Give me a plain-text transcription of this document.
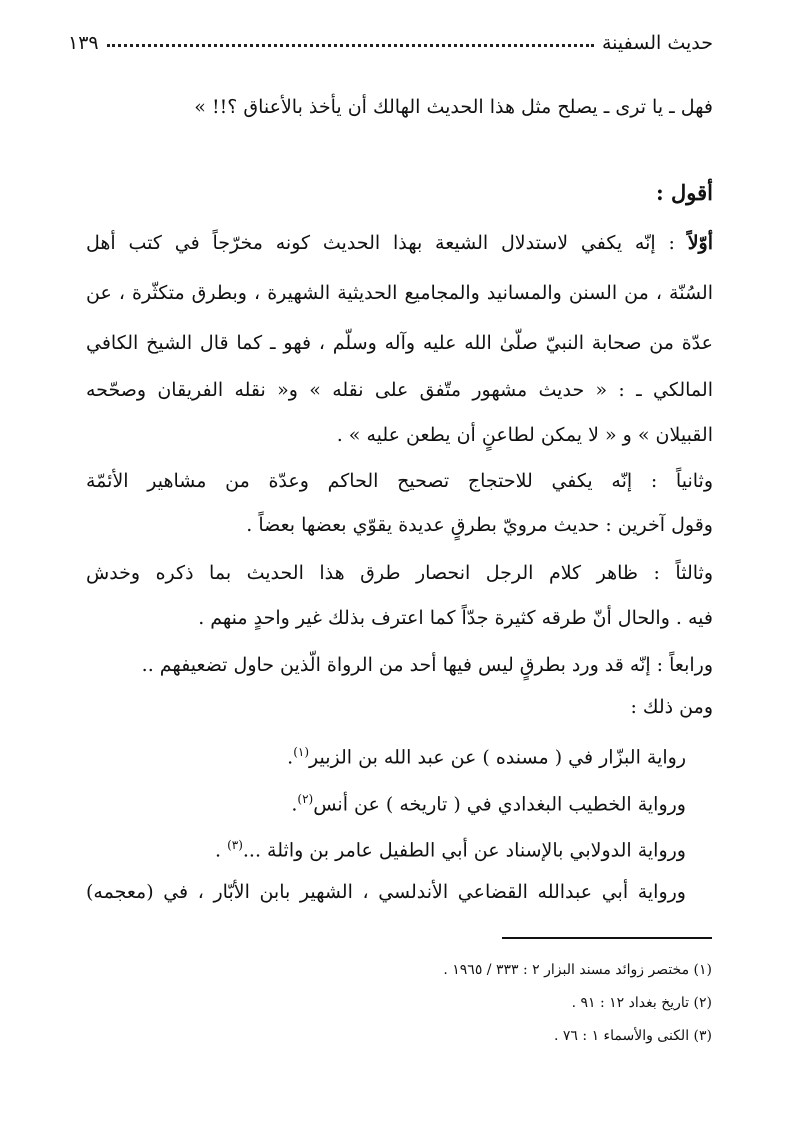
حديث السفينة
١٣٩
فهل ـ يا ترى ـ يصلح مثل هذا الحديث الهالك أن يأخذ بالأعناق ؟!! »
أقول :
أوّلاً : إنّه يكفي لاستدلال الشيعة بهذا الحديث كونه مخرّجاً في كتب أهل
السُنّة ، من السنن والمسانيد والمجاميع الحديثية الشهيرة ، وبطرق متكثّرة ، عن
عدّة من صحابة النبيّ صلّىٰ الله عليه وآله وسلّم ، فهو ـ كما قال الشيخ الكافي
المالكي ـ : « حديث مشهور متّفق على نقله » و« نقله الفريقان وصحّحه
القبيلان » و « لا يمكن لطاعنٍ أن يطعن عليه » .
وثانياً : إنّه يكفي للاحتجاج تصحيح الحاكم وعدّة من مشاهير الأئمّة
وقول آخرين : حديث مرويّ بطرقٍ عديدة يقوّي بعضها بعضاً .
وثالثاً : ظاهر كلام الرجل انحصار طرق هذا الحديث بما ذكره وخدش
فيه . والحال أنّ طرقه كثيرة جدّاً كما اعترف بذلك غير واحدٍ منهم .
ورابعاً : إنّه قد ورد بطرقٍ ليس فيها أحد من الرواة الّذين حاول تضعيفهم ..
ومن ذلك :
رواية البزّار في ( مسنده ) عن عبد الله بن الزبير$^{(١)}$.
ورواية الخطيب البغدادي في ( تاريخه ) عن أنس$^{(٢)}$.
ورواية الدولابي بالإسناد عن أبي الطفيل عامر بن واثلة ...$^{(٣)}$ .
ورواية أبي عبدالله القضاعي الأندلسي ، الشهير بابن الأبّار ، في (معجمه)
(١) مختصر زوائد مسند البزار ٢ : ٣٣٣ / ١٩٦٥ .
(٢) تاريخ بغداد ١٢ : ٩١ .
(٣) الكنى والأسماء ١ : ٧٦ .
